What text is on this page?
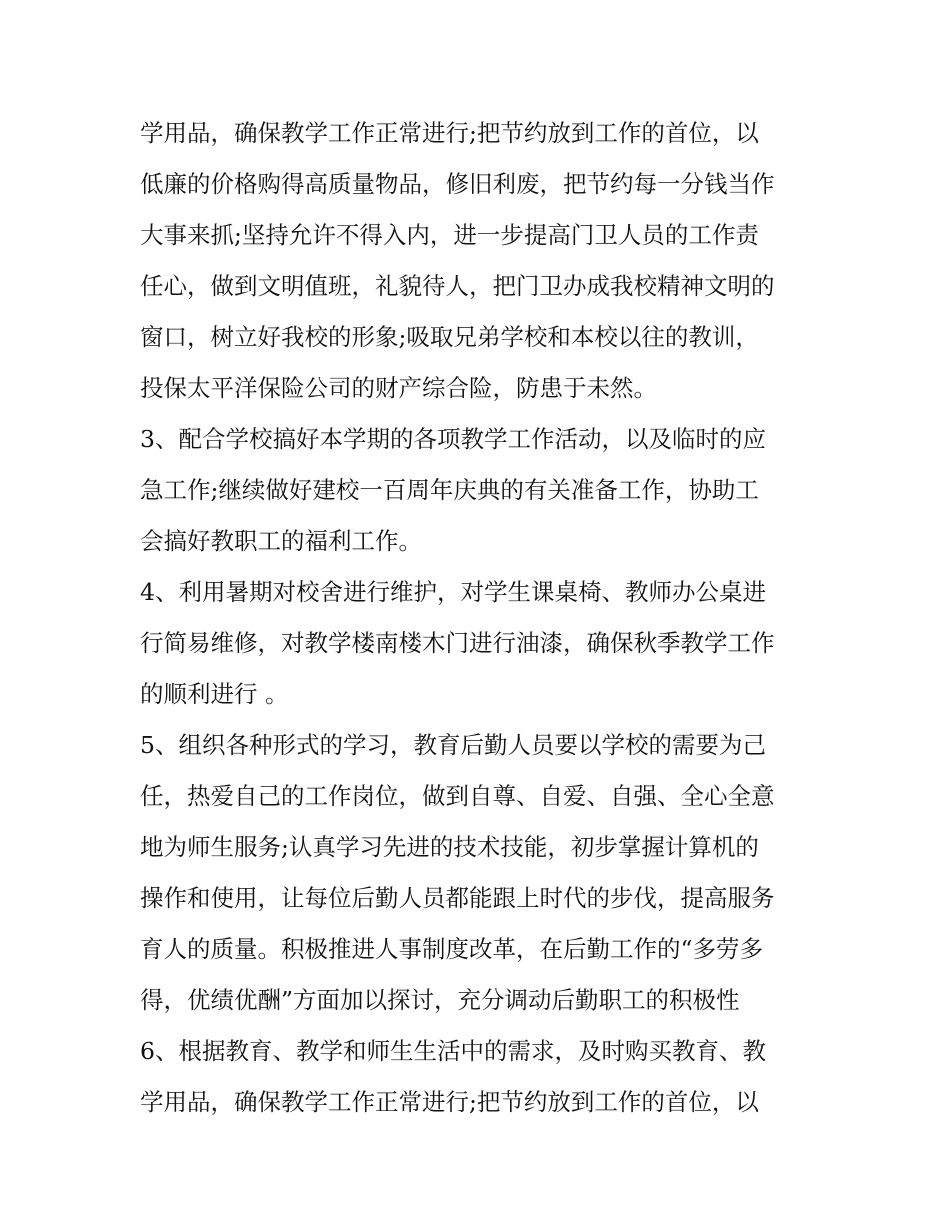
学用品，确保教学工作正常进行;把节约放到工作的首位，以
低廉的价格购得高质量物品，修旧利废，把节约每一分钱当作
大事来抓;坚持允许不得入内，进一步提高门卫人员的工作责
任心，做到文明值班，礼貌待人，把门卫办成我校精神文明的
窗口，树立好我校的形象;吸取兄弟学校和本校以往的教训，
投保太平洋保险公司的财产综合险，防患于未然。
3、配合学校搞好本学期的各项教学工作活动，以及临时的应
急工作;继续做好建校一百周年庆典的有关准备工作，协助工
会搞好教职工的福利工作。
4、利用暑期对校舍进行维护，对学生课桌椅、教师办公桌进
行简易维修，对教学楼南楼木门进行油漆，确保秋季教学工作
的顺利进行 。
5、组织各种形式的学习，教育后勤人员要以学校的需要为己
任，热爱自己的工作岗位，做到自尊、自爱、自强、全心全意
地为师生服务;认真学习先进的技术技能，初步掌握计算机的
操作和使用，让每位后勤人员都能跟上时代的步伐，提高服务
育人的质量。积极推进人事制度改革，在后勤工作的“多劳多
得，优绩优酬”方面加以探讨，充分调动后勤职工的积极性
6、根据教育、教学和师生生活中的需求，及时购买教育、教
学用品，确保教学工作正常进行;把节约放到工作的首位，以
